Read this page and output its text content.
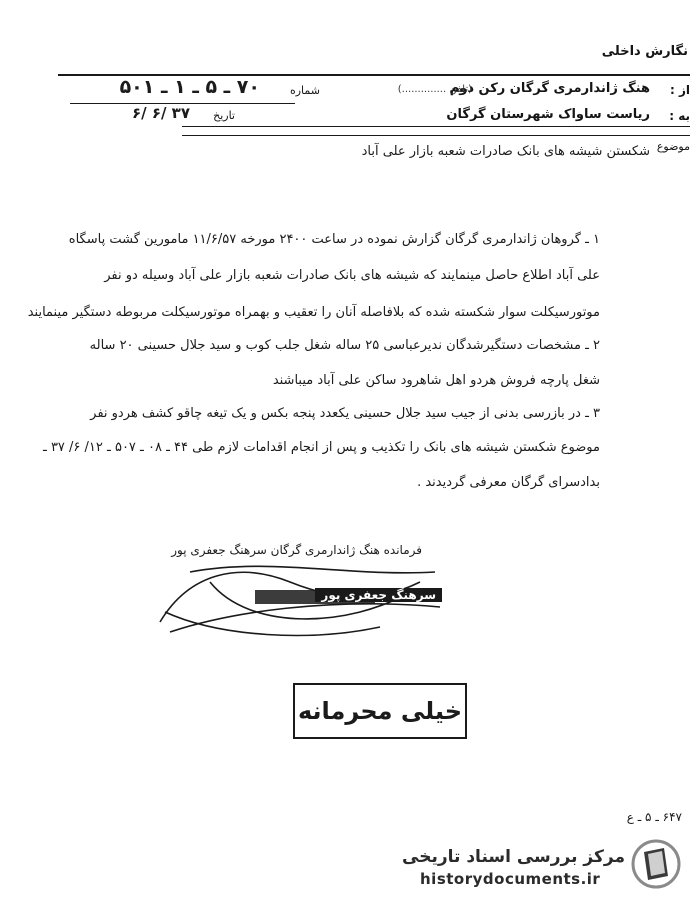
نگارش داخلی
از :
هنگ ژاندارمری گرگان رکن دوم
(تلفن ..............)
شماره
۷۰ ـ ۵ ـ ۱ ـ ۵۰۱
به :
ریاست ساواک شهرستان گرگان
تاریخ
۶/ ۶/ ۳۷
موضوع
شکستن شیشه های بانک صادرات شعبه بازار علی آباد
۱ ـ گروهان ژاندارمری گرگان گزارش نموده در ساعت ۲۴۰۰ مورخه ۱۱/۶/۵۷ مامورین گشت پاسگاه
علی آباد اطلاع حاصل مینمایند که شیشه های بانک صادرات شعبه بازار علی آباد وسیله دو نفر
موتورسیکلت سوار شکسته شده که بلافاصله آنان را تعقیب و بهمراه موتورسیکلت مربوطه دستگیر مینمایند
۲ ـ مشخصات دستگیرشدگان ندیرعباسی ۲۵ ساله شغل جلب کوب و سید جلال حسینی ۲۰ ساله
شغل پارچه فروش هردو اهل شاهرود ساکن علی آباد میباشند
۳ ـ در بازرسی بدنی از جیب سید جلال حسینی یکعدد پنجه بکس و یک تیغه چاقو کشف هردو نفر
موضوع شکستن شیشه های بانک را تکذیب و پس از انجام اقدامات لازم طی ۴۴ ـ ۰۸ ـ ۵۰۷ ـ ۱۲/ ۶/ ۳۷ ـ
بدادسرای گرگان معرفی گردیدند .
فرمانده هنگ ژاندارمری گرگان سرهنگ جعفری پور
سرهنگ جعفری پور
خیلی محرمانه
۶۴۷ ـ ۵ ـ ع
مرکز بررسی اسناد تاریخی
historydocuments.ir
